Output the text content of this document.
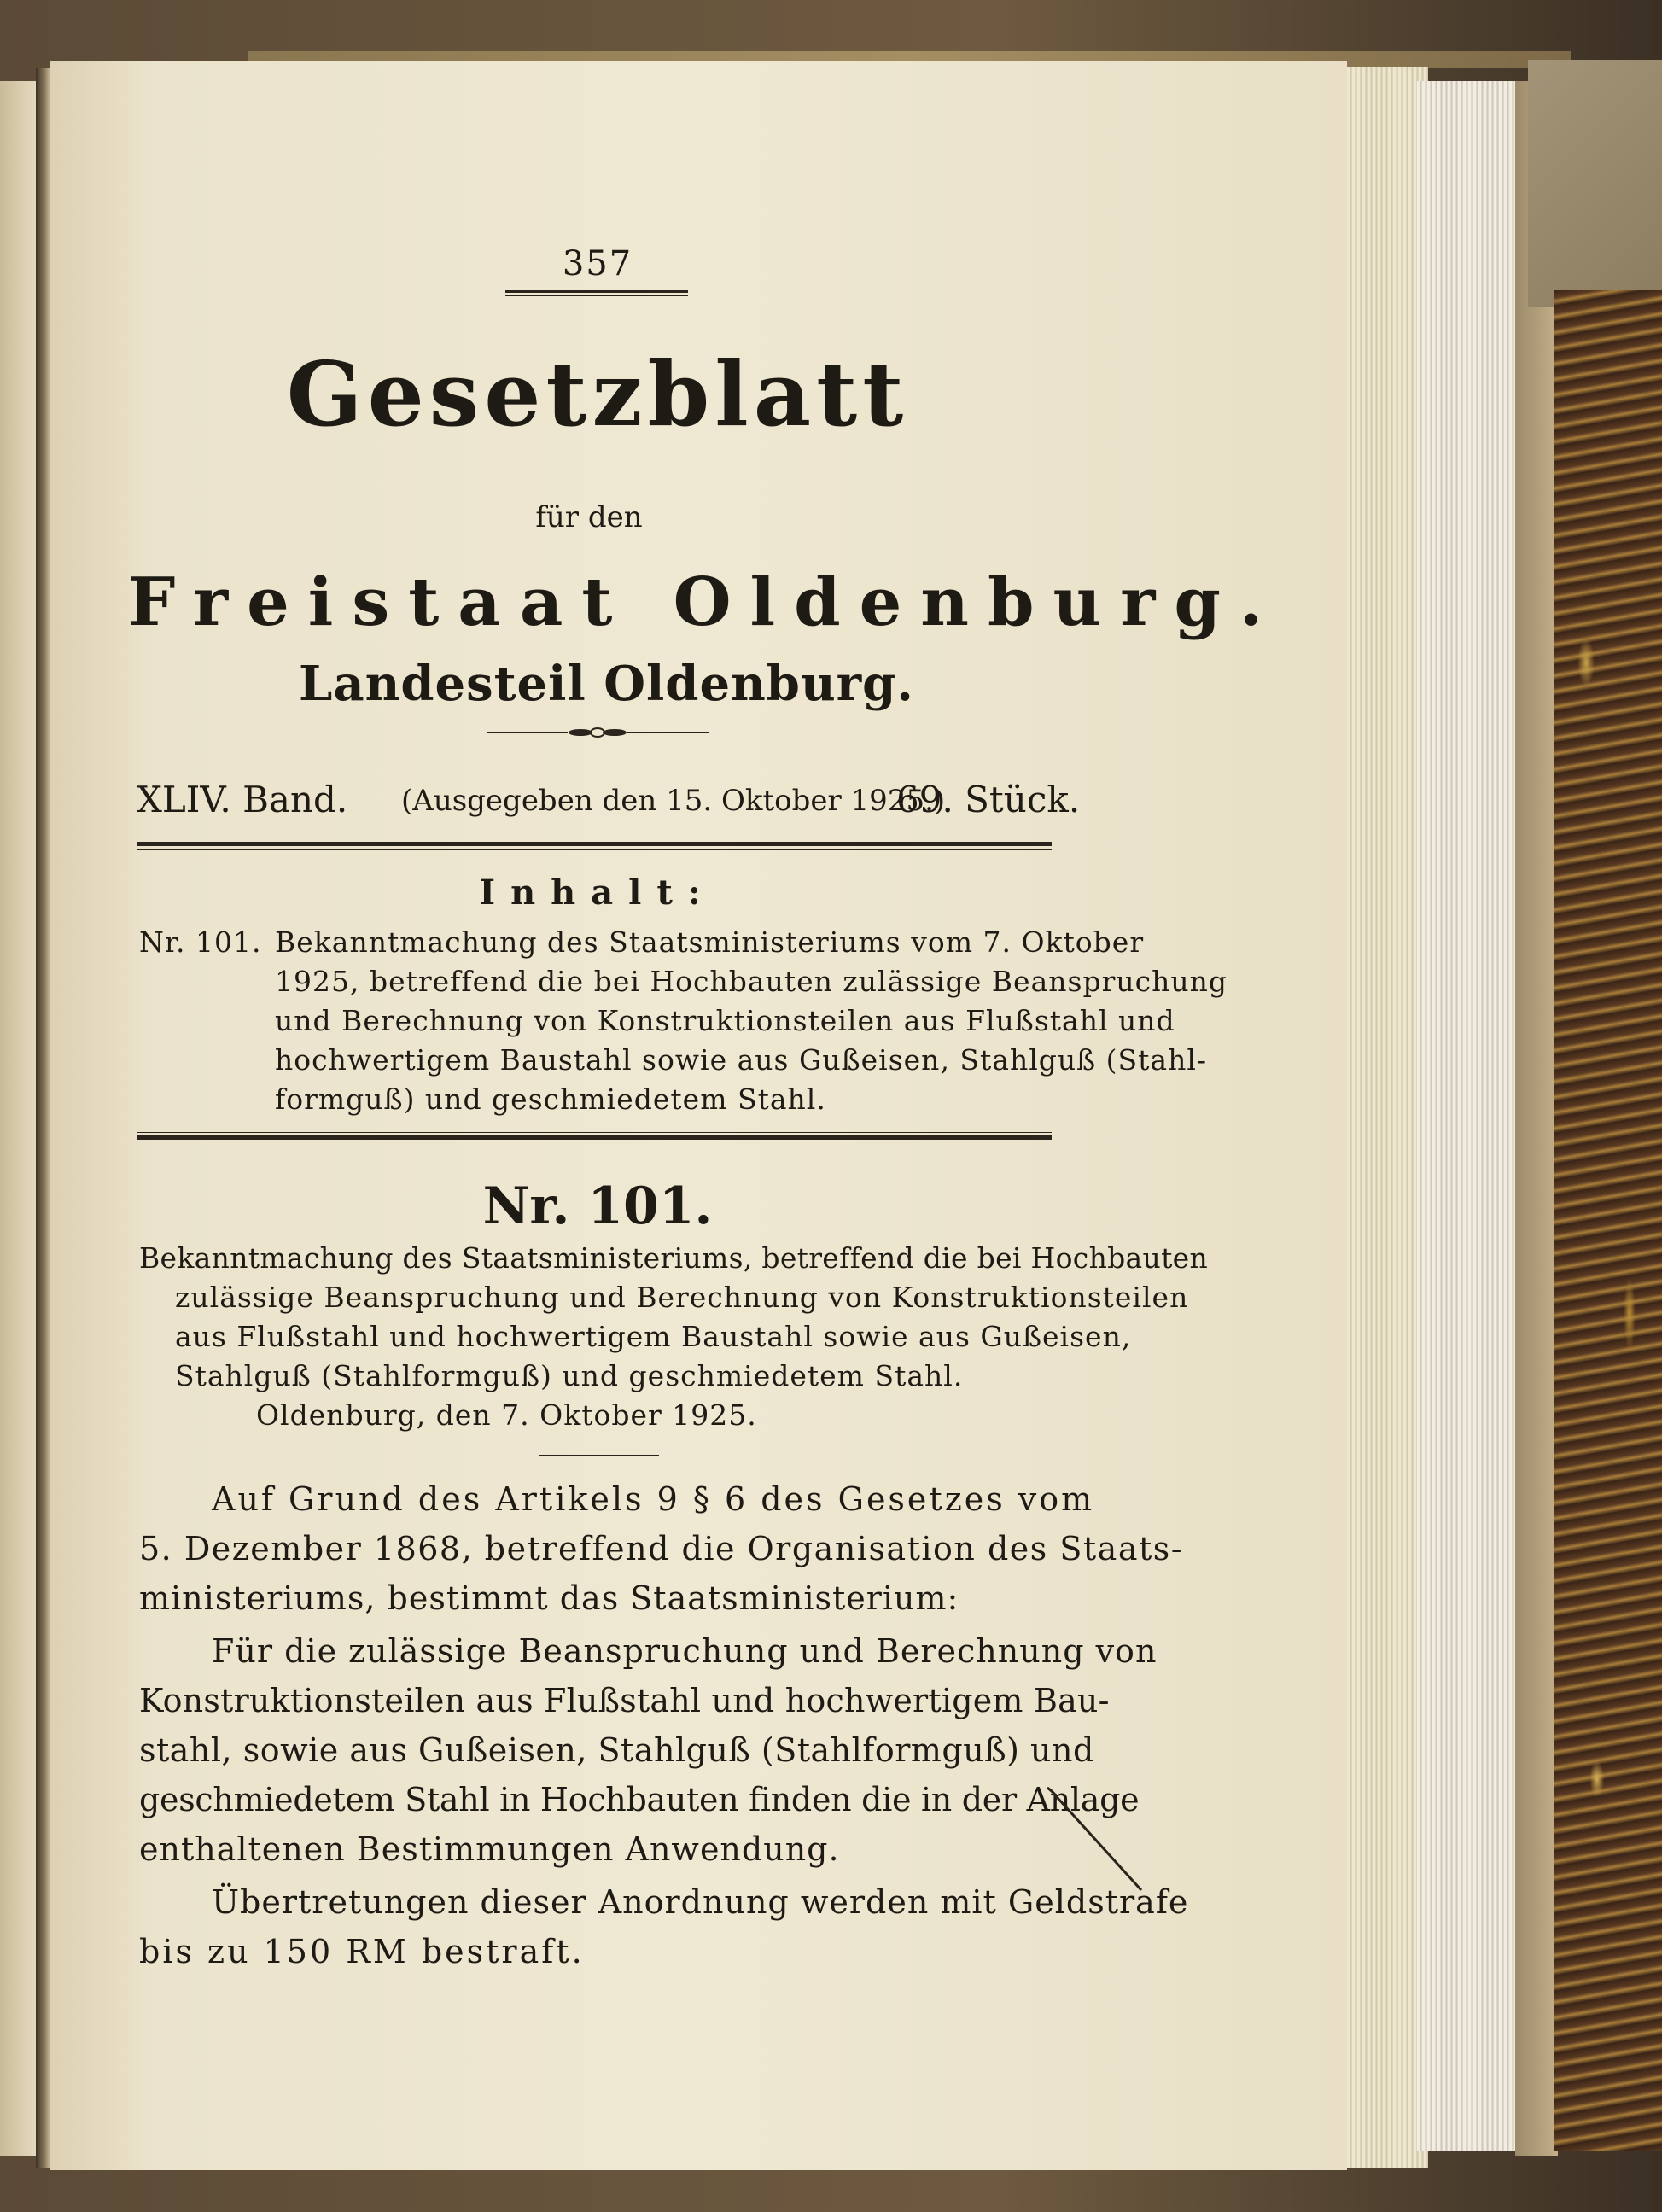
357
Gesetzblatt
für den
Freistaat Oldenburg.
Landesteil Oldenburg.
XLIV. Band. (Ausgegeben den 15. Oktober 1925.)
69. Stück.
Inhalt:
Nr. 101. Bekanntmachung des Staatsministeriums vom 7. Oktober
1925, betreffend die bei Hochbauten zulässige Beanspruchung
und Berechnung von Konstruktionsteilen aus Flußstahl und
hochwertigem Baustahl sowie aus Gußeisen, Stahlguß (Stahl-
formguß) und geschmiedetem Stahl.
Nr. 101.
Bekanntmachung des Staatsministeriums, betreffend die bei Hochbauten
zulässige Beanspruchung und Berechnung von Konstruktionsteilen
aus Flußstahl und hochwertigem Baustahl sowie aus Gußeisen,
Stahlguß (Stahlformguß) und geschmiedetem Stahl.
Oldenburg, den 7. Oktober 1925.
Auf Grund des Artikels 9 § 6 des Gesetzes vom
5. Dezember 1868, betreffend die Organisation des Staats-
ministeriums, bestimmt das Staatsministerium:
Für die zulässige Beanspruchung und Berechnung von
Konstruktionsteilen aus Flußstahl und hochwertigem Bau-
stahl, sowie aus Gußeisen, Stahlguß (Stahlformguß) und
geschmiedetem Stahl in Hochbauten finden die in der Anlage
enthaltenen Bestimmungen Anwendung.
Übertretungen dieser Anordnung werden mit Geldstrafe
bis zu 150 RM bestraft.
